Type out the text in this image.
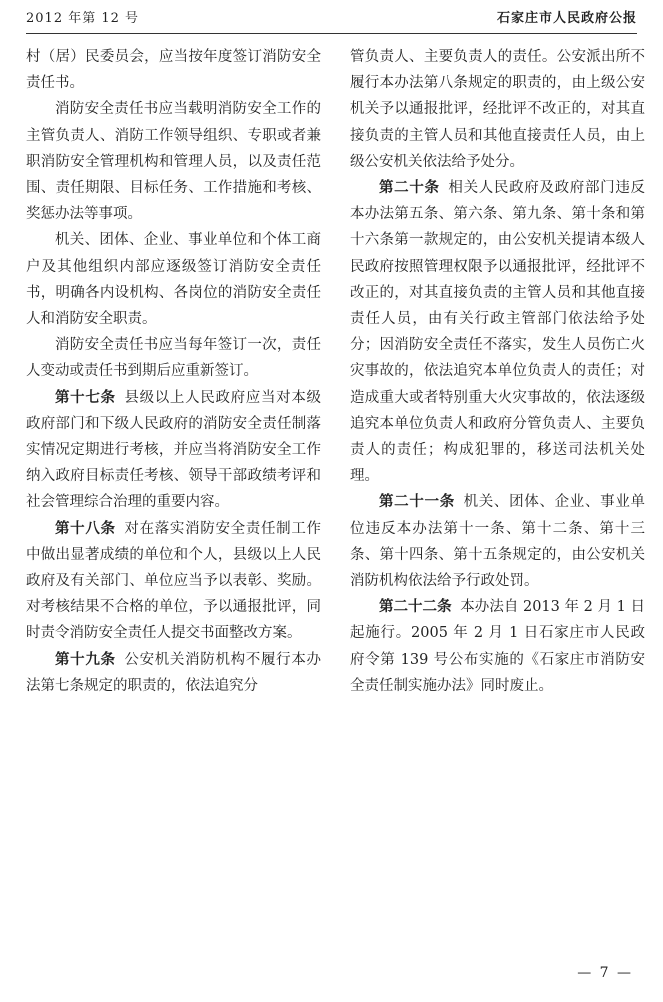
2012 年第 12 号	石家庄市人民政府公报

村（居）民委员会，应当按年度签订消防安全责任书。

消防安全责任书应当载明消防安全工作的主管负责人、消防工作领导组织、专职或者兼职消防安全管理机构和管理人员，以及责任范围、责任期限、目标任务、工作措施和考核、奖惩办法等事项。

机关、团体、企业、事业单位和个体工商户及其他组织内部应逐级签订消防安全责任书，明确各内设机构、各岗位的消防安全责任人和消防安全职责。

消防安全责任书应当每年签订一次，责任人变动或责任书到期后应重新签订。

第十七条 县级以上人民政府应当对本级政府部门和下级人民政府的消防安全责任制落实情况定期进行考核，并应当将消防安全工作纳入政府目标责任考核、领导干部政绩考评和社会管理综合治理的重要内容。

第十八条 对在落实消防安全责任制工作中做出显著成绩的单位和个人，县级以上人民政府及有关部门、单位应当予以表彰、奖励。对考核结果不合格的单位，予以通报批评，同时责令消防安全责任人提交书面整改方案。

第十九条 公安机关消防机构不履行本办法第七条规定的职责的，依法追究分

管负责人、主要负责人的责任。公安派出所不履行本办法第八条规定的职责的，由上级公安机关予以通报批评，经批评不改正的，对其直接负责的主管人员和其他直接责任人员，由上级公安机关依法给予处分。

第二十条 相关人民政府及政府部门违反本办法第五条、第六条、第九条、第十条和第十六条第一款规定的，由公安机关提请本级人民政府按照管理权限予以通报批评，经批评不改正的，对其直接负责的主管人员和其他直接责任人员，由有关行政主管部门依法给予处分；因消防安全责任不落实，发生人员伤亡火灾事故的，依法追究本单位负责人的责任；对造成重大或者特别重大火灾事故的，依法逐级追究本单位负责人和政府分管负责人、主要负责人的责任；构成犯罪的，移送司法机关处理。

第二十一条 机关、团体、企业、事业单位违反本办法第十一条、第十二条、第十三条、第十四条、第十五条规定的，由公安机关消防机构依法给予行政处罚。

第二十二条 本办法自 2013 年 2 月 1 日起施行。2005 年 2 月 1 日石家庄市人民政府令第 139 号公布实施的《石家庄市消防安全责任制实施办法》同时废止。

— 7 —
